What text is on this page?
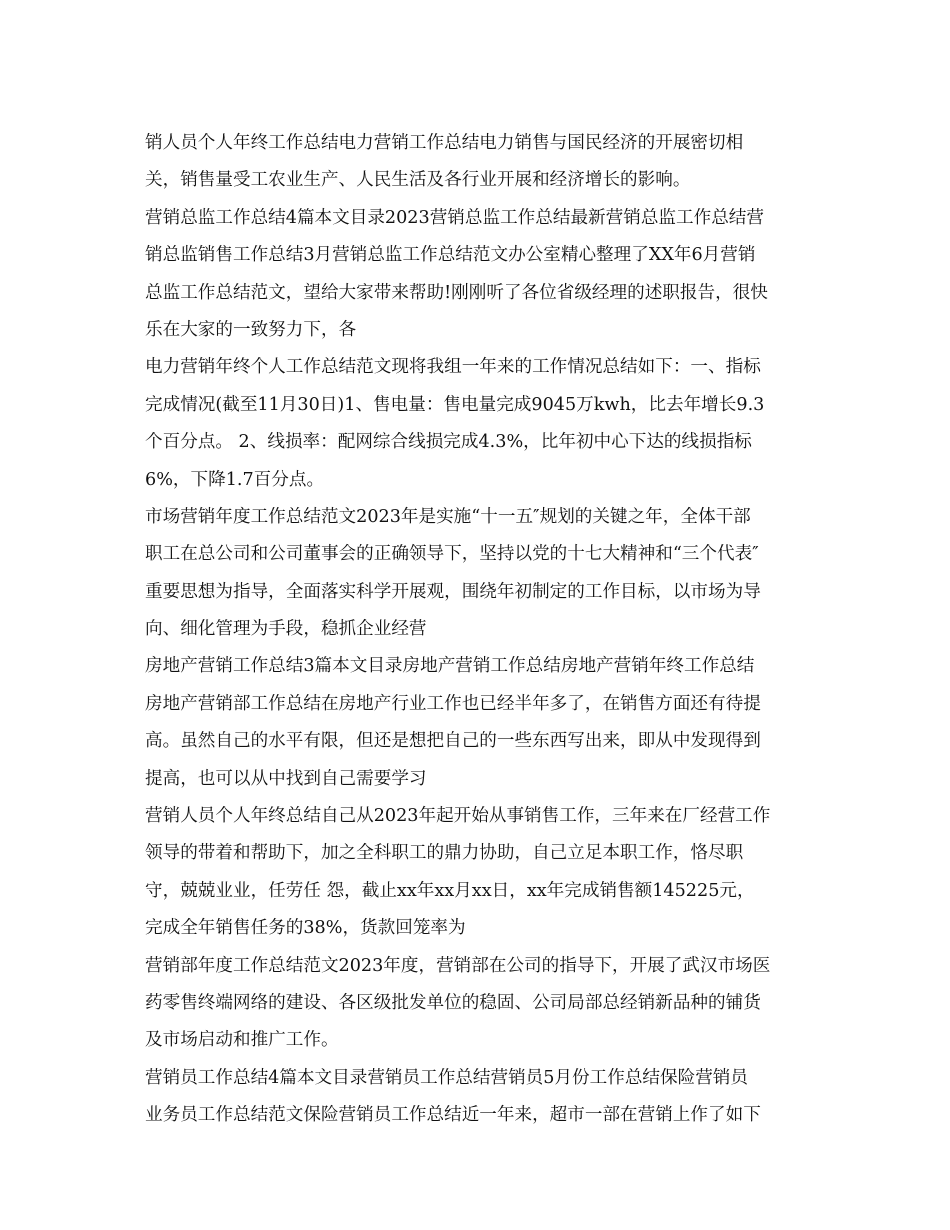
销人员个人年终工作总结电力营销工作总结电力销售与国民经济的开展密切相
关，销售量受工农业生产、人民生活及各行业开展和经济增长的影响。
营销总监工作总结4篇本文目录2023营销总监工作总结最新营销总监工作总结营
销总监销售工作总结3月营销总监工作总结范文办公室精心整理了XX年6月营销
总监工作总结范文，望给大家带来帮助!刚刚听了各位省级经理的述职报告，很快
乐在大家的一致努力下，各
电力营销年终个人工作总结范文现将我组一年来的工作情况总结如下：一、指标
完成情况(截至11月30日)1、售电量：售电量完成9045万kwh，比去年增长9.3
个百分点。 2、线损率：配网综合线损完成4.3%，比年初中心下达的线损指标
6%，下降1.7百分点。
市场营销年度工作总结范文2023年是实施“十一五″规划的关键之年，全体干部
职工在总公司和公司董事会的正确领导下，坚持以党的十七大精神和“三个代表″
重要思想为指导，全面落实科学开展观，围绕年初制定的工作目标，以市场为导
向、细化管理为手段，稳抓企业经营
房地产营销工作总结3篇本文目录房地产营销工作总结房地产营销年终工作总结
房地产营销部工作总结在房地产行业工作也已经半年多了，在销售方面还有待提
高。虽然自己的水平有限，但还是想把自己的一些东西写出来，即从中发现得到
提高，也可以从中找到自己需要学习
营销人员个人年终总结自己从2023年起开始从事销售工作，三年来在厂经营工作
领导的带着和帮助下，加之全科职工的鼎力协助，自己立足本职工作，恪尽职
守，兢兢业业，任劳任 怨，截止xx年xx月xx日，xx年完成销售额145225元，
完成全年销售任务的38%，货款回笼率为
营销部年度工作总结范文2023年度，营销部在公司的指导下，开展了武汉市场医
药零售终端网络的建设、各区级批发单位的稳固、公司局部总经销新品种的铺货
及市场启动和推广工作。
营销员工作总结4篇本文目录营销员工作总结营销员5月份工作总结保险营销员
业务员工作总结范文保险营销员工作总结近一年来，超市一部在营销上作了如下
